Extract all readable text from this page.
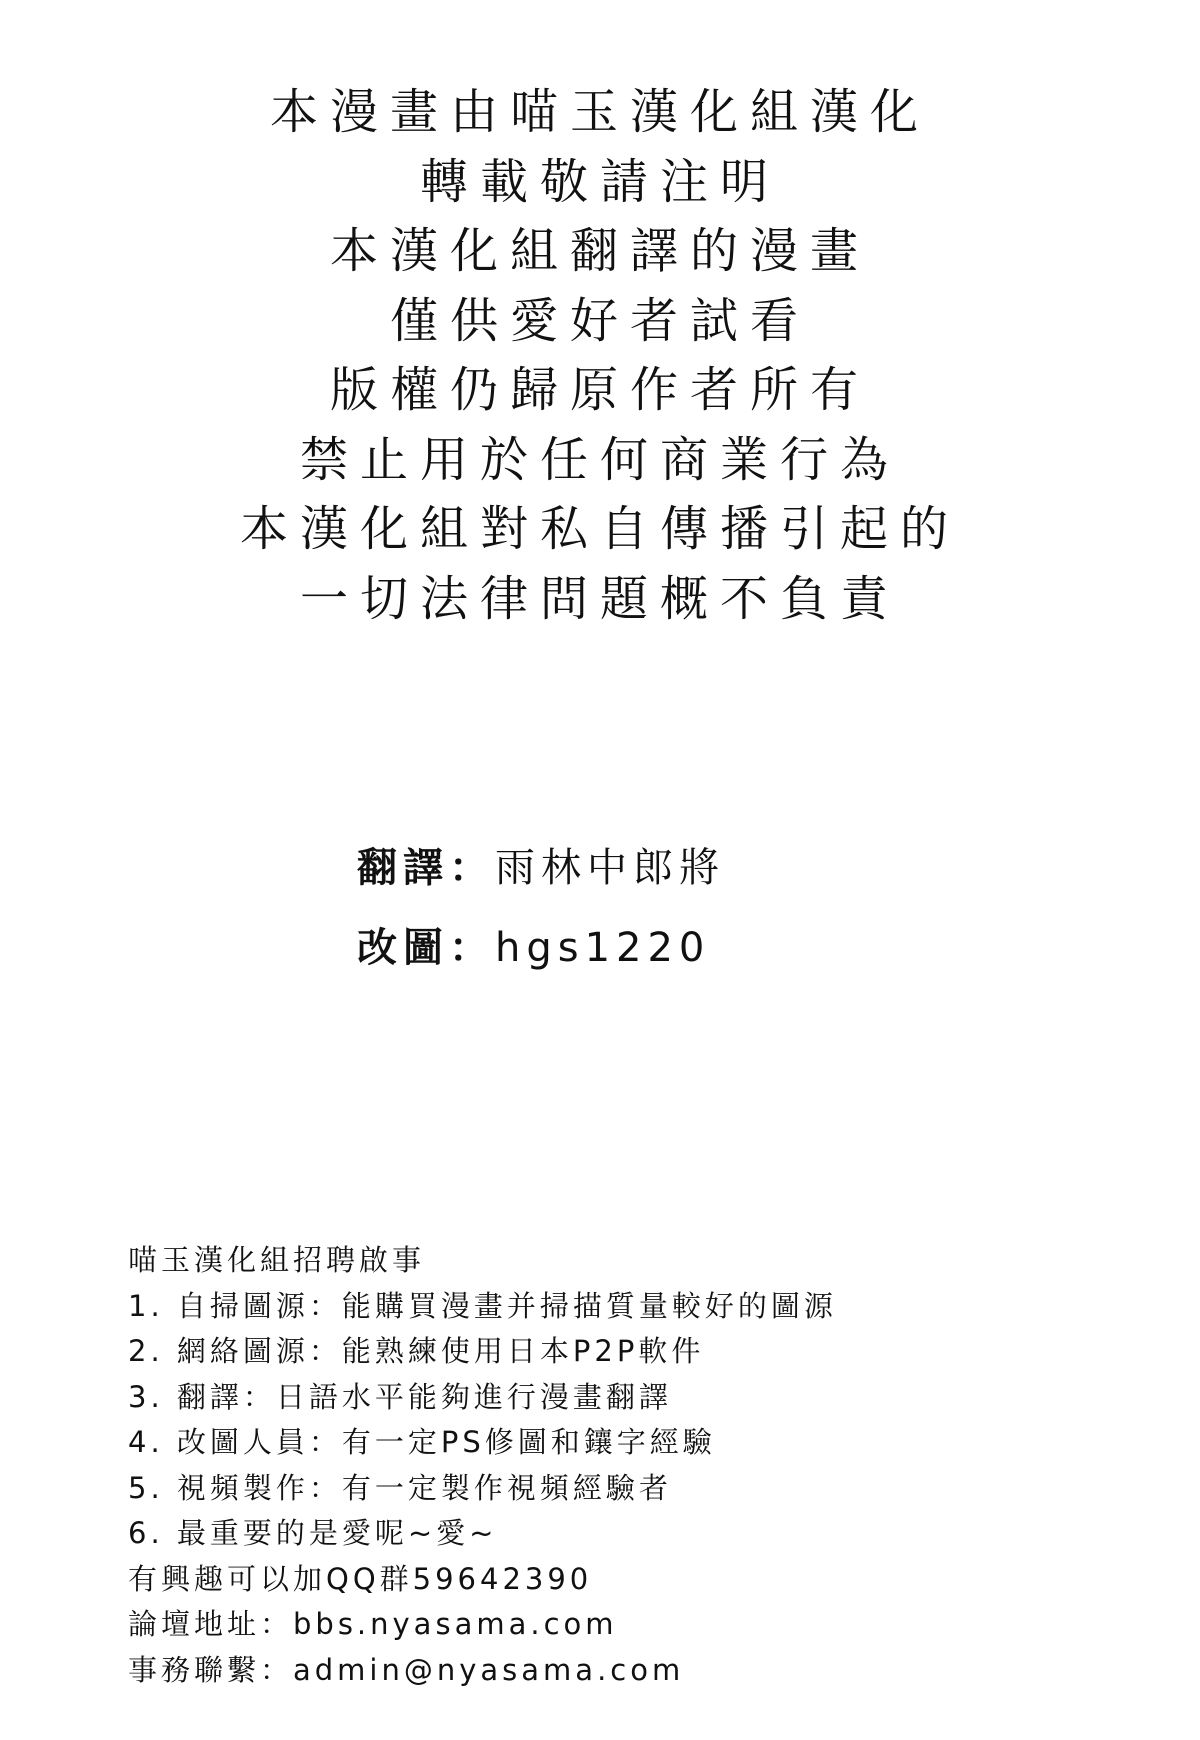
本漫畫由喵玉漢化組漢化
轉載敬請注明
本漢化組翻譯的漫畫
僅供愛好者試看
版權仍歸原作者所有
禁止用於任何商業行為
本漢化組對私自傳播引起的
一切法律問題概不負責
翻譯：雨林中郎將
改圖：hgs1220
喵玉漢化組招聘啟事
1. 自掃圖源：能購買漫畫并掃描質量較好的圖源
2. 網絡圖源：能熟練使用日本P2P軟件
3. 翻譯：日語水平能夠進行漫畫翻譯
4. 改圖人員：有一定PS修圖和鑲字經驗
5. 視頻製作：有一定製作視頻經驗者
6. 最重要的是愛呢~愛~
有興趣可以加QQ群59642390
論壇地址：bbs.nyasama.com
事務聯繫：admin@nyasama.com
